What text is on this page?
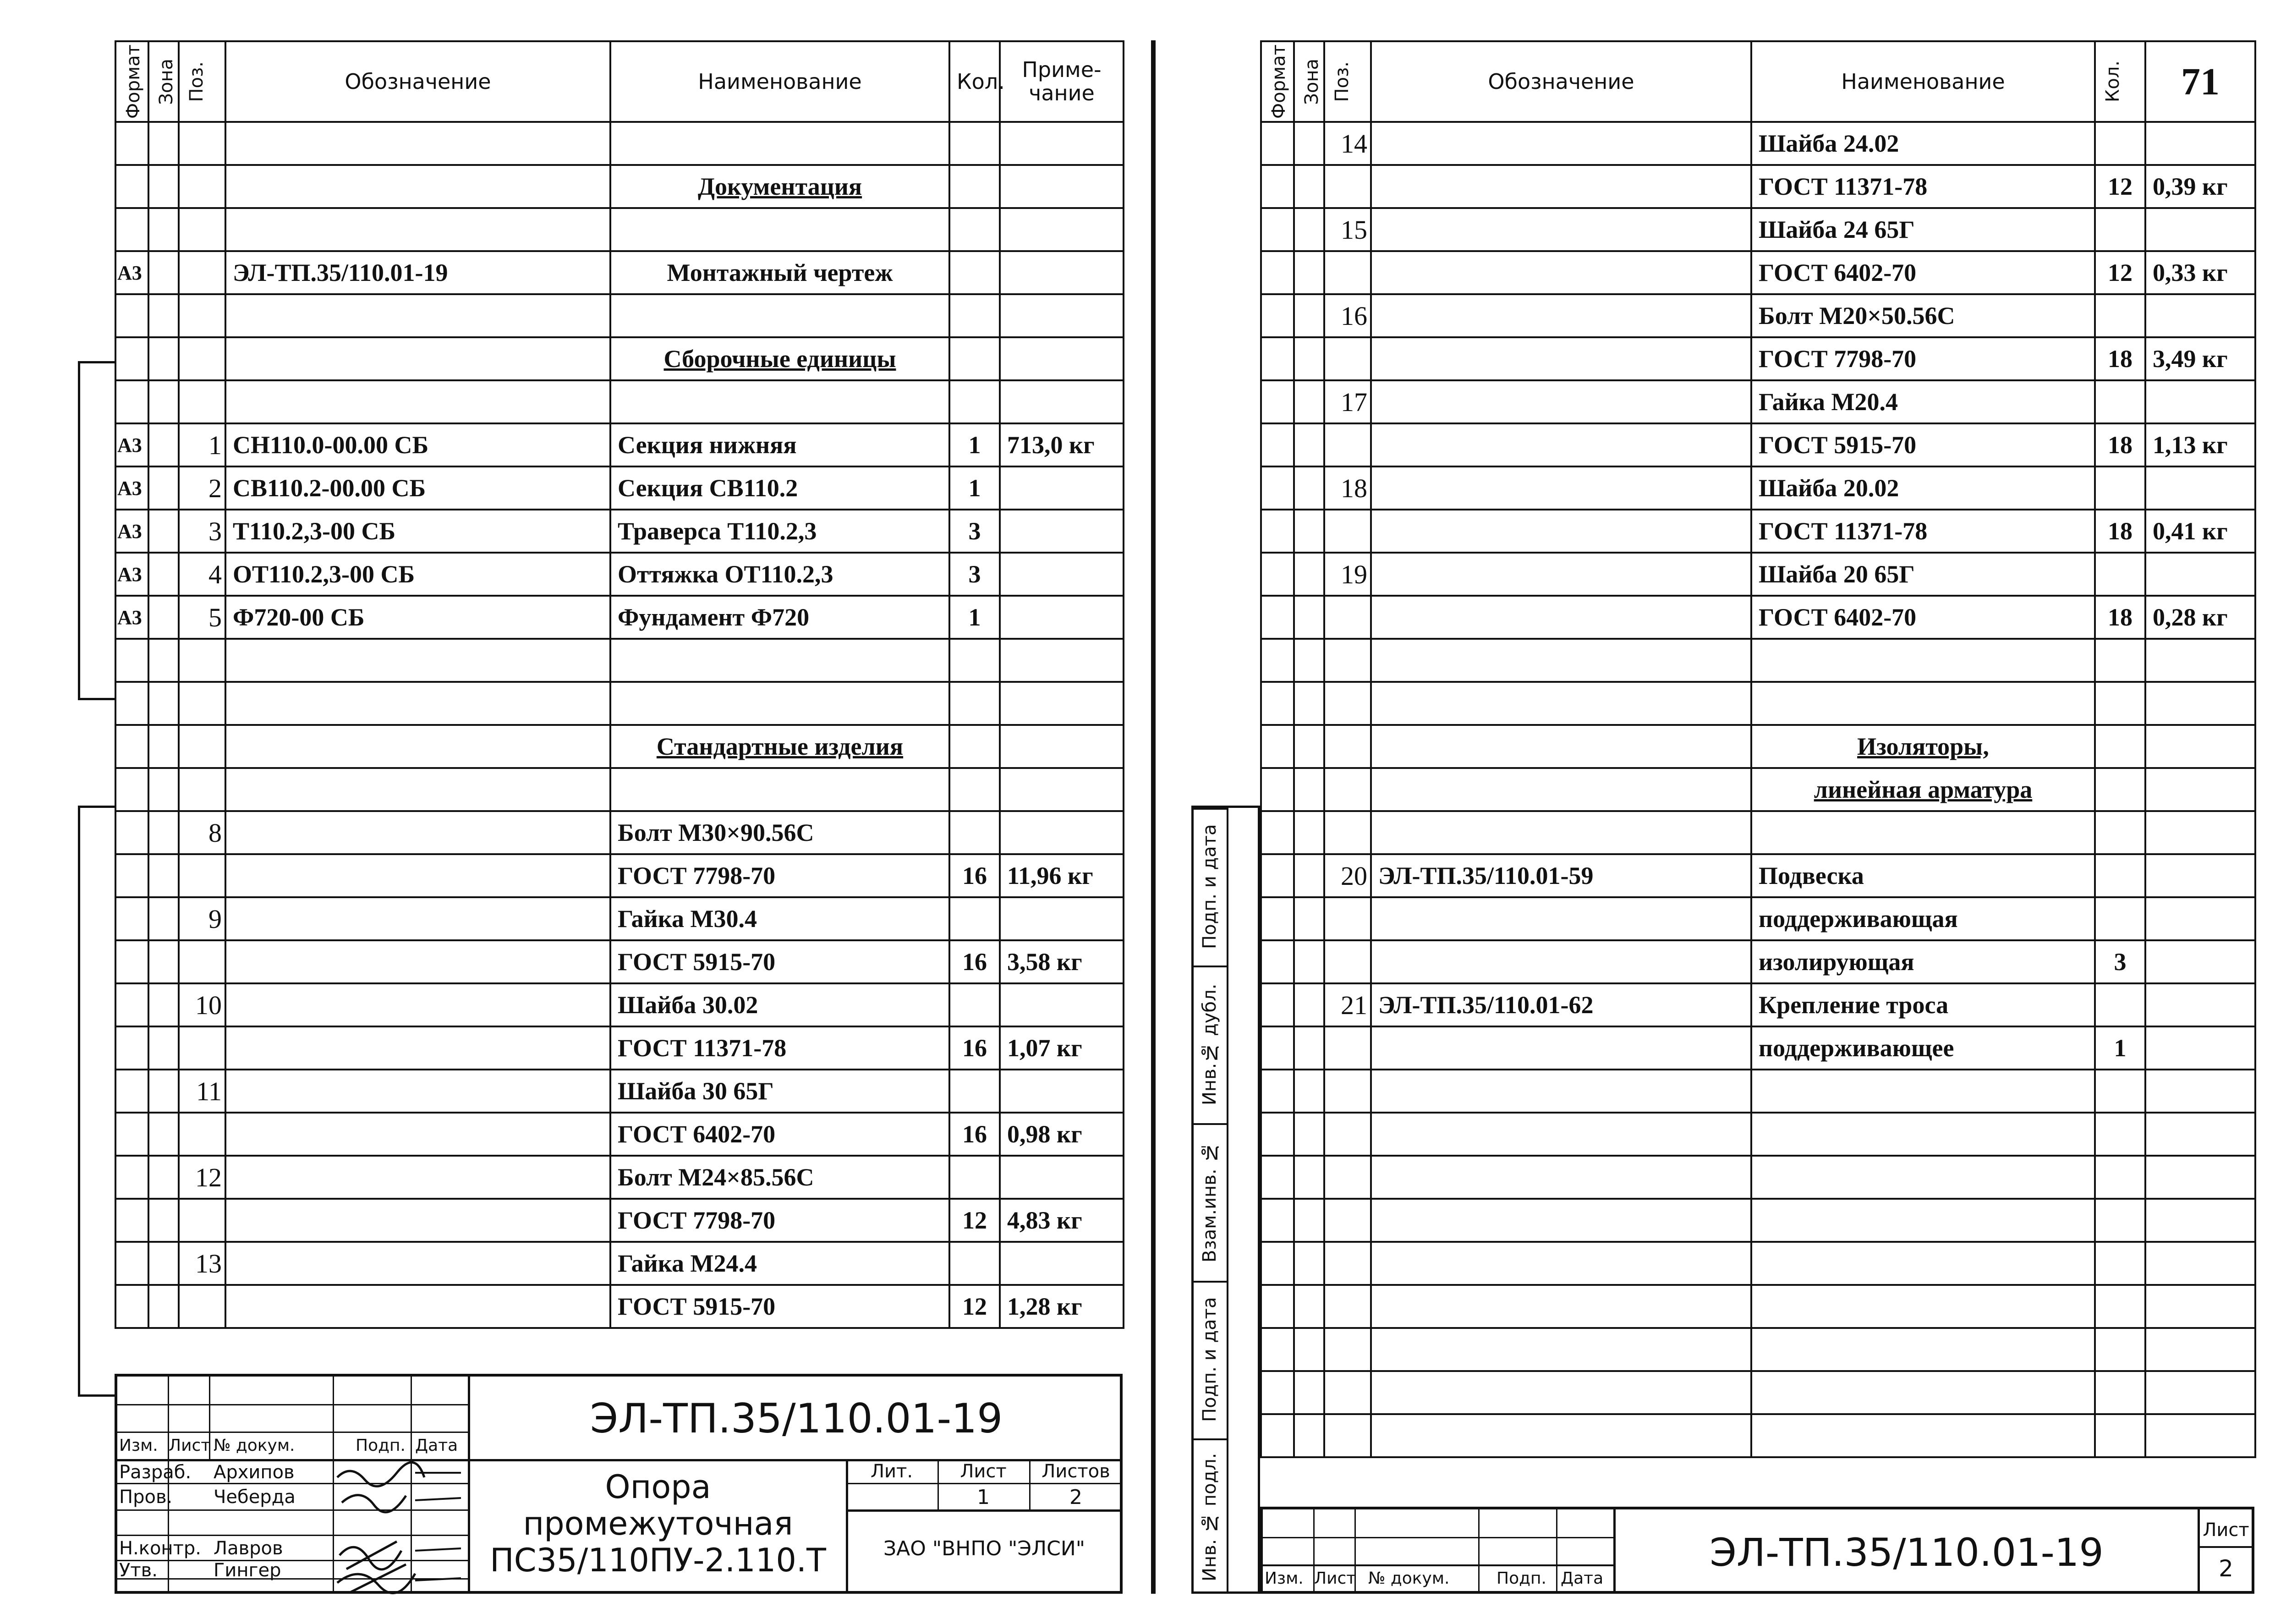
Формат	Зона	Поз.	Обозначение	Наименование	Кол.	Приме-
чание

				Документация		

А3			ЭЛ-ТП.35/110.01-19	Монтажный чертеж		

				Сборочные единицы		

А3		1	СН110.0-00.00 СБ	Секция нижняя	1	713,0 кг
А3		2	СВ110.2-00.00 СБ	Секция СВ110.2	1	
А3		3	Т110.2,3-00 СБ	Траверса Т110.2,3	3	
А3		4	ОТ110.2,3-00 СБ	Оттяжка ОТ110.2,3	3	
А3		5	Ф720-00 СБ	Фундамент Ф720	1	

				Стандартные изделия		

		8		Болт М30×90.56С		
				ГОСТ 7798-70	16	11,96 кг
		9		Гайка М30.4		
				ГОСТ 5915-70	16	3,58 кг
		10		Шайба 30.02		
				ГОСТ 11371-78	16	1,07 кг
		11		Шайба 30 65Г		
				ГОСТ 6402-70	16	0,98 кг
		12		Болт М24×85.56С		
				ГОСТ 7798-70	12	4,83 кг
		13		Гайка М24.4		
				ГОСТ 5915-70	12	1,28 кг
Изм. Лист № докум.	Подп. Дата
Разраб. Архипов
Пров. Чеберда
Н.контр. Лавров
Утв.	Гингер
ЭЛ-ТП.35/110.01-19
Опора
промежуточная
ПС35/110ПУ-2.110.Т
Лит.	Лист	Листов
1	2
ЗАО "ВНПО "ЭЛСИ"
Формат	Зона	Поз.	Обозначение	Наименование	Кол.	71
		14		Шайба 24.02		
				ГОСТ 11371-78	12	0,39 кг
		15		Шайба 24 65Г		
				ГОСТ 6402-70	12	0,33 кг
		16		Болт М20×50.56С		
				ГОСТ 7798-70	18	3,49 кг
		17		Гайка М20.4		
				ГОСТ 5915-70	18	1,13 кг
		18		Шайба 20.02		
				ГОСТ 11371-78	18	0,41 кг
		19		Шайба 20 65Г		
				ГОСТ 6402-70	18	0,28 кг

				Изоляторы,		
				линейная арматура		

		20	ЭЛ-ТП.35/110.01-59	Подвеска		
				поддерживающая		
				изолирующая	3	
		21	ЭЛ-ТП.35/110.01-62	Крепление троса		
				поддерживающее	1	

Подп. и дата
Инв.№ дубл.
Взам.инв. №
Подп. и дата
Инв. № подл.	Изм. Лист № докум.	Подп. Дата
ЭЛ-ТП.35/110.01-19	Лист
2
